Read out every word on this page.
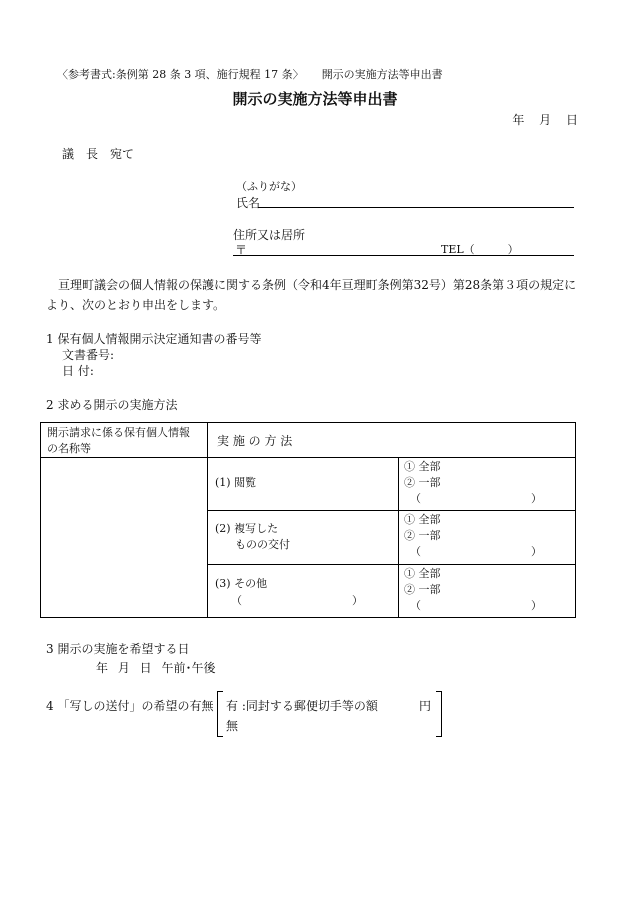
〈参考書式:条例第 28 条 3 項、施行規程 17 条〉 開示の実施方法等申出書
開示の実施方法等申出書
年 月 日
議　長　宛て
（ふりがな）
氏名
住所又は居所
〒	TEL（　　　）
亘理町議会の個人情報の保護に関する条例（令和4年亘理町条例第32号）第28条第３項の規定により、次のとおり申出をします。
1 保有個人情報開示決定通知書の番号等
文書番号:
日 付:
2 求める開示の実施方法
開示請求に係る保有個人情報の名称等
実 施 の 方 法
(1) 閲覧
① 全部
② 一部
（　　　　　　　　　　）
(2) 複写した
ものの交付
① 全部
② 一部
（　　　　　　　　　　）
(3) その他
（　　　　　　　　　　）
① 全部
② 一部
（　　　　　　　　　　）
3 開示の実施を希望する日
年 月 日 午前･午後
4 「写しの送付」の希望の有無 有 :同封する郵便切手等の額	円
無
